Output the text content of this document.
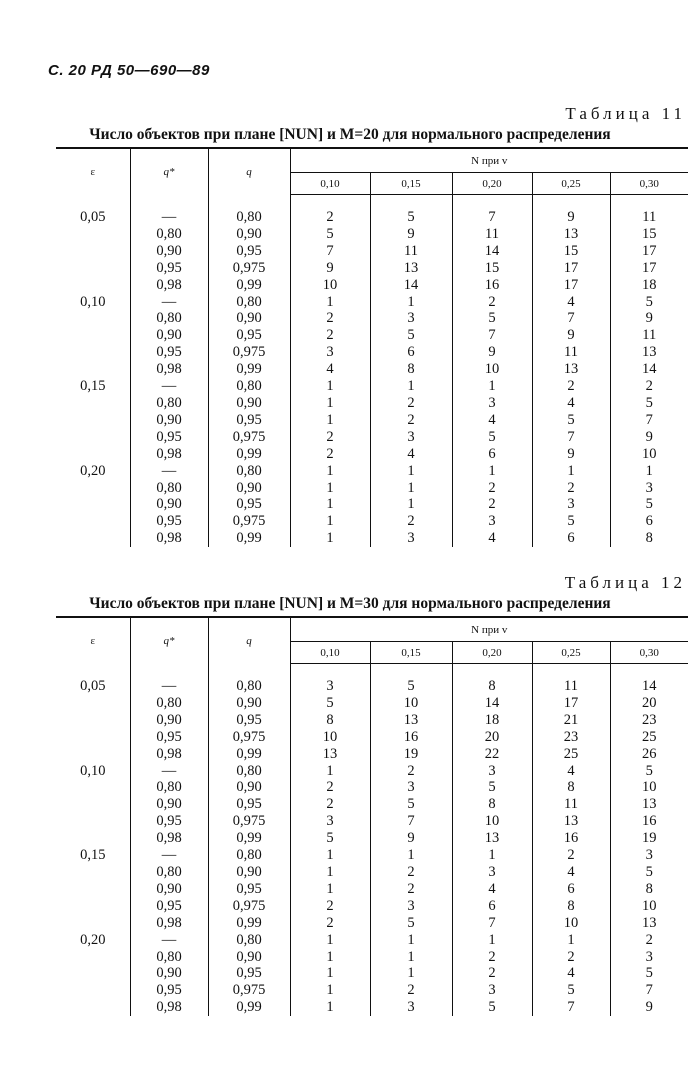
С. 20 РД 50—690—89
Таблица 11
Число объектов при плане [NUN] и M=20 для нормального распределения
ε	q*	q	N при v				
			0,10	0,15	0,20	0,25	0,30

0,05	—	0,80	2	5	7	9	11
	0,80	0,90	5	9	11	13	15
	0,90	0,95	7	11	14	15	17
	0,95	0,975	9	13	15	17	17
	0,98	0,99	10	14	16	17	18
0,10	—	0,80	1	1	2	4	5
	0,80	0,90	2	3	5	7	9
	0,90	0,95	2	5	7	9	11
	0,95	0,975	3	6	9	11	13
	0,98	0,99	4	8	10	13	14
0,15	—	0,80	1	1	1	2	2
	0,80	0,90	1	2	3	4	5
	0,90	0,95	1	2	4	5	7
	0,95	0,975	2	3	5	7	9
	0,98	0,99	2	4	6	9	10
0,20	—	0,80	1	1	1	1	1
	0,80	0,90	1	1	2	2	3
	0,90	0,95	1	1	2	3	5
	0,95	0,975	1	2	3	5	6
	0,98	0,99	1	3	4	6	8
Таблица 12
Число объектов при плане [NUN] и M=30 для нормального распределения
ε	q*	q	N при v				
			0,10	0,15	0,20	0,25	0,30

0,05	—	0,80	3	5	8	11	14
	0,80	0,90	5	10	14	17	20
	0,90	0,95	8	13	18	21	23
	0,95	0,975	10	16	20	23	25
	0,98	0,99	13	19	22	25	26
0,10	—	0,80	1	2	3	4	5
	0,80	0,90	2	3	5	8	10
	0,90	0,95	2	5	8	11	13
	0,95	0,975	3	7	10	13	16
	0,98	0,99	5	9	13	16	19
0,15	—	0,80	1	1	1	2	3
	0,80	0,90	1	2	3	4	5
	0,90	0,95	1	2	4	6	8
	0,95	0,975	2	3	6	8	10
	0,98	0,99	2	5	7	10	13
0,20	—	0,80	1	1	1	1	2
	0,80	0,90	1	1	2	2	3
	0,90	0,95	1	1	2	4	5
	0,95	0,975	1	2	3	5	7
	0,98	0,99	1	3	5	7	9
